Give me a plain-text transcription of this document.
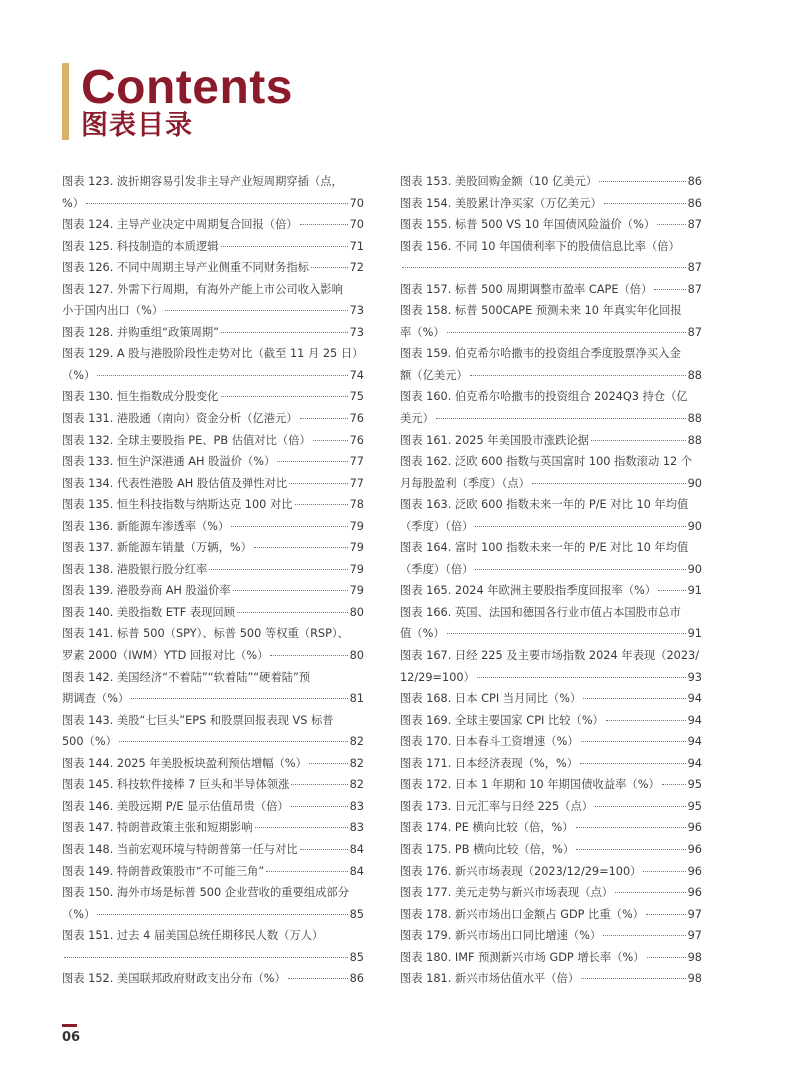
Contents
图表目录
图表 123. 波折期容易引发非主导产业短周期穿插（点，
%）	70
图表 124. 主导产业决定中周期复合回报（倍）	70
图表 125. 科技制造的本质逻辑	71
图表 126. 不同中周期主导产业侧重不同财务指标	72
图表 127. 外需下行周期，有海外产能上市公司收入影响
小于国内出口（%）	73
图表 128. 并购重组“政策周期”	73
图表 129. A 股与港股阶段性走势对比（截至 11 月 25 日）
（%）	74
图表 130. 恒生指数成分股变化	75
图表 131. 港股通（南向）资金分析（亿港元）	76
图表 132. 全球主要股指 PE、PB 估值对比（倍）	76
图表 133. 恒生沪深港通 AH 股溢价（%）	77
图表 134. 代表性港股 AH 股估值及弹性对比	77
图表 135. 恒生科技指数与纳斯达克 100 对比	78
图表 136. 新能源车渗透率（%）	79
图表 137. 新能源车销量（万辆，%）	79
图表 138. 港股银行股分红率	79
图表 139. 港股券商 AH 股溢价率	79
图表 140. 美股指数 ETF 表现回顾	80
图表 141. 标普 500（SPY）、标普 500 等权重（RSP）、
罗素 2000（IWM）YTD 回报对比（%）	80
图表 142. 美国经济“不着陆”“软着陆”“硬着陆”预
期调查（%）	81
图表 143. 美股“七巨头”EPS 和股票回报表现 VS 标普
500（%）	82
图表 144. 2025 年美股板块盈利预估增幅（%）	82
图表 145. 科技软件接棒 7 巨头和半导体领涨	82
图表 146. 美股远期 P/E 显示估值昂贵（倍）	83
图表 147. 特朗普政策主张和短期影响	83
图表 148. 当前宏观环境与特朗普第一任与对比	84
图表 149. 特朗普政策股市“不可能三角”	84
图表 150. 海外市场是标普 500 企业营收的重要组成部分
（%）	85
图表 151. 过去 4 届美国总统任期移民人数（万人）
85
图表 152. 美国联邦政府财政支出分布（%）	86
图表 153. 美股回购金额（10 亿美元）	86
图表 154. 美股累计净买家（万亿美元）	86
图表 155. 标普 500 VS 10 年国债风险溢价（%）	87
图表 156. 不同 10 年国债利率下的股债信息比率（倍）
87
图表 157. 标普 500 周期调整市盈率 CAPE（倍）	87
图表 158. 标普 500CAPE 预测未来 10 年真实年化回报
率（%）	87
图表 159. 伯克希尔哈撒韦的投资组合季度股票净买入金
额（亿美元）	88
图表 160. 伯克希尔哈撒韦的投资组合 2024Q3 持仓（亿
美元）	88
图表 161. 2025 年美国股市涨跌论据	88
图表 162. 泛欧 600 指数与英国富时 100 指数滚动 12 个
月每股盈利（季度）（点）	90
图表 163. 泛欧 600 指数未来一年的 P/E 对比 10 年均值
（季度）（倍）	90
图表 164. 富时 100 指数未来一年的 P/E 对比 10 年均值
（季度）（倍）	90
图表 165. 2024 年欧洲主要股指季度回报率（%）	91
图表 166. 英国、法国和德国各行业市值占本国股市总市
值（%）	91
图表 167. 日经 225 及主要市场指数 2024 年表现（2023/
12/29=100）	93
图表 168. 日本 CPI 当月同比（%）	94
图表 169. 全球主要国家 CPI 比较（%）	94
图表 170. 日本春斗工资增速（%）	94
图表 171. 日本经济表现（%，%）	94
图表 172. 日本 1 年期和 10 年期国债收益率（%） 95
图表 173. 日元汇率与日经 225（点）	95
图表 174. PE 横向比较（倍，%）	96
图表 175. PB 横向比较（倍，%）	96
图表 176. 新兴市场表现（2023/12/29=100）	96
图表 177. 美元走势与新兴市场表现（点）	96
图表 178. 新兴市场出口金额占 GDP 比重（%）	97
图表 179. 新兴市场出口同比增速（%）	97
图表 180. IMF 预测新兴市场 GDP 增长率（%）	98
图表 181. 新兴市场估值水平（倍）	98
06
